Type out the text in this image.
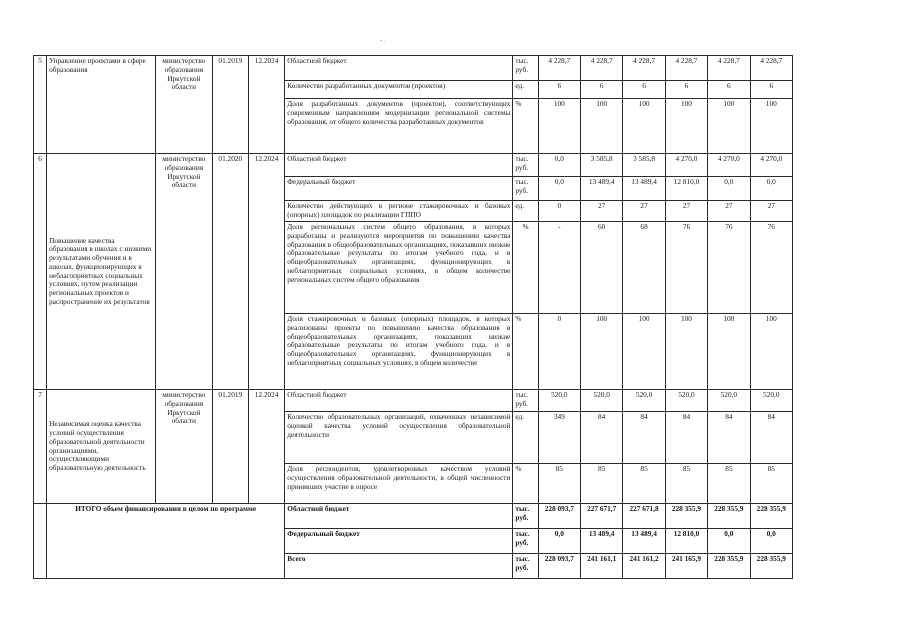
- .
5	Управление проектами в сфере образования	министерство образования Иркутской области	01.2019	12.2024	Областной бюджет	тыс. руб.	4 228,7	4 228,7	4 228,7	4 228,7	4 228,7	4 228,7
					Количество разработанных документов (проектов)	ед.	6	6	6	6	6	6
					Доля разработанных документов (проектов), соответствующих современным направлениям модернизации региональной системы образования, от общего количества разработанных документов	%	100	100	100	100	100	100
6	Повышение качества образования в школах с низкими результатами обучения и в школах, функционирующих в неблагоприятных социальных условиях, путем реализации региональных проектов и распространение их результатов	министерство образования Иркутской области	01.2020	12.2024	Областной бюджет	тыс. руб.	0,0	3 585,8	3 585,8	4 270,0	4 270,0	4 270,0
					Федеральный бюджет	тыс. руб.	0,0	13 489,4	13 489,4	12 810,0	0,0	0,0
					Количество действующих в регионе стажировочных и базовых (опорных) площадок по реализации ГППО	ед.	0	27	27	27	27	27
					Доля региональных систем общего образования, в которых разработаны и реализуются мероприятия по повышению качества образования в общеобразовательных организациях, показавших низкие образовательные результаты по итогам учебного года, и в общеобразовательных организациях, функционирующих в неблагоприятных социальных условиях, в общем количестве региональных систем общего образования	%	-	60	68	76	76	76
					Доля стажировочных и базовых (опорных) площадок, в которых реализованы проекты по повышению качества образования в общеобразовательных организациях, показавших низкие образовательные результаты по итогам учебного года, и в общеобразовательных организациях, функционирующих в неблагоприятных социальных условиях, в общем количестве	%	0	100	100	100	100	100
7	Независимая оценка качества условий осуществления образовательной деятельности организациями, осуществляющими образовательную деятельность	министерство образования Иркутской области	01.2019	12.2024	Областной бюджет	тыс. руб.	520,0	520,0	520,0	520,0	520,0	520,0
					Количество образовательных организаций, охваченных независимой оценкой качества условий осуществления образовательной деятельности	ед.	349	84	84	84	84	84
					Доля респондентов, удовлетворенных качеством условий осуществления образовательной деятельности, в общей численности принявших участие в опросе	%	85	85	85	85	85	85
	ИТОГО объем финансирования в целом по программе				Областной бюджет	тыс. руб.	228 093,7	227 671,7	227 671,8	228 355,9	228 355,9	228 355,9
					Федеральный бюджет	тыс. руб.	0,0	13 489,4	13 489,4	12 810,0	0,0	0,0
					Всего	тыс. руб.	228 093,7	241 161,1	241 161,2	241 165,9	228 355,9	228 355,9
